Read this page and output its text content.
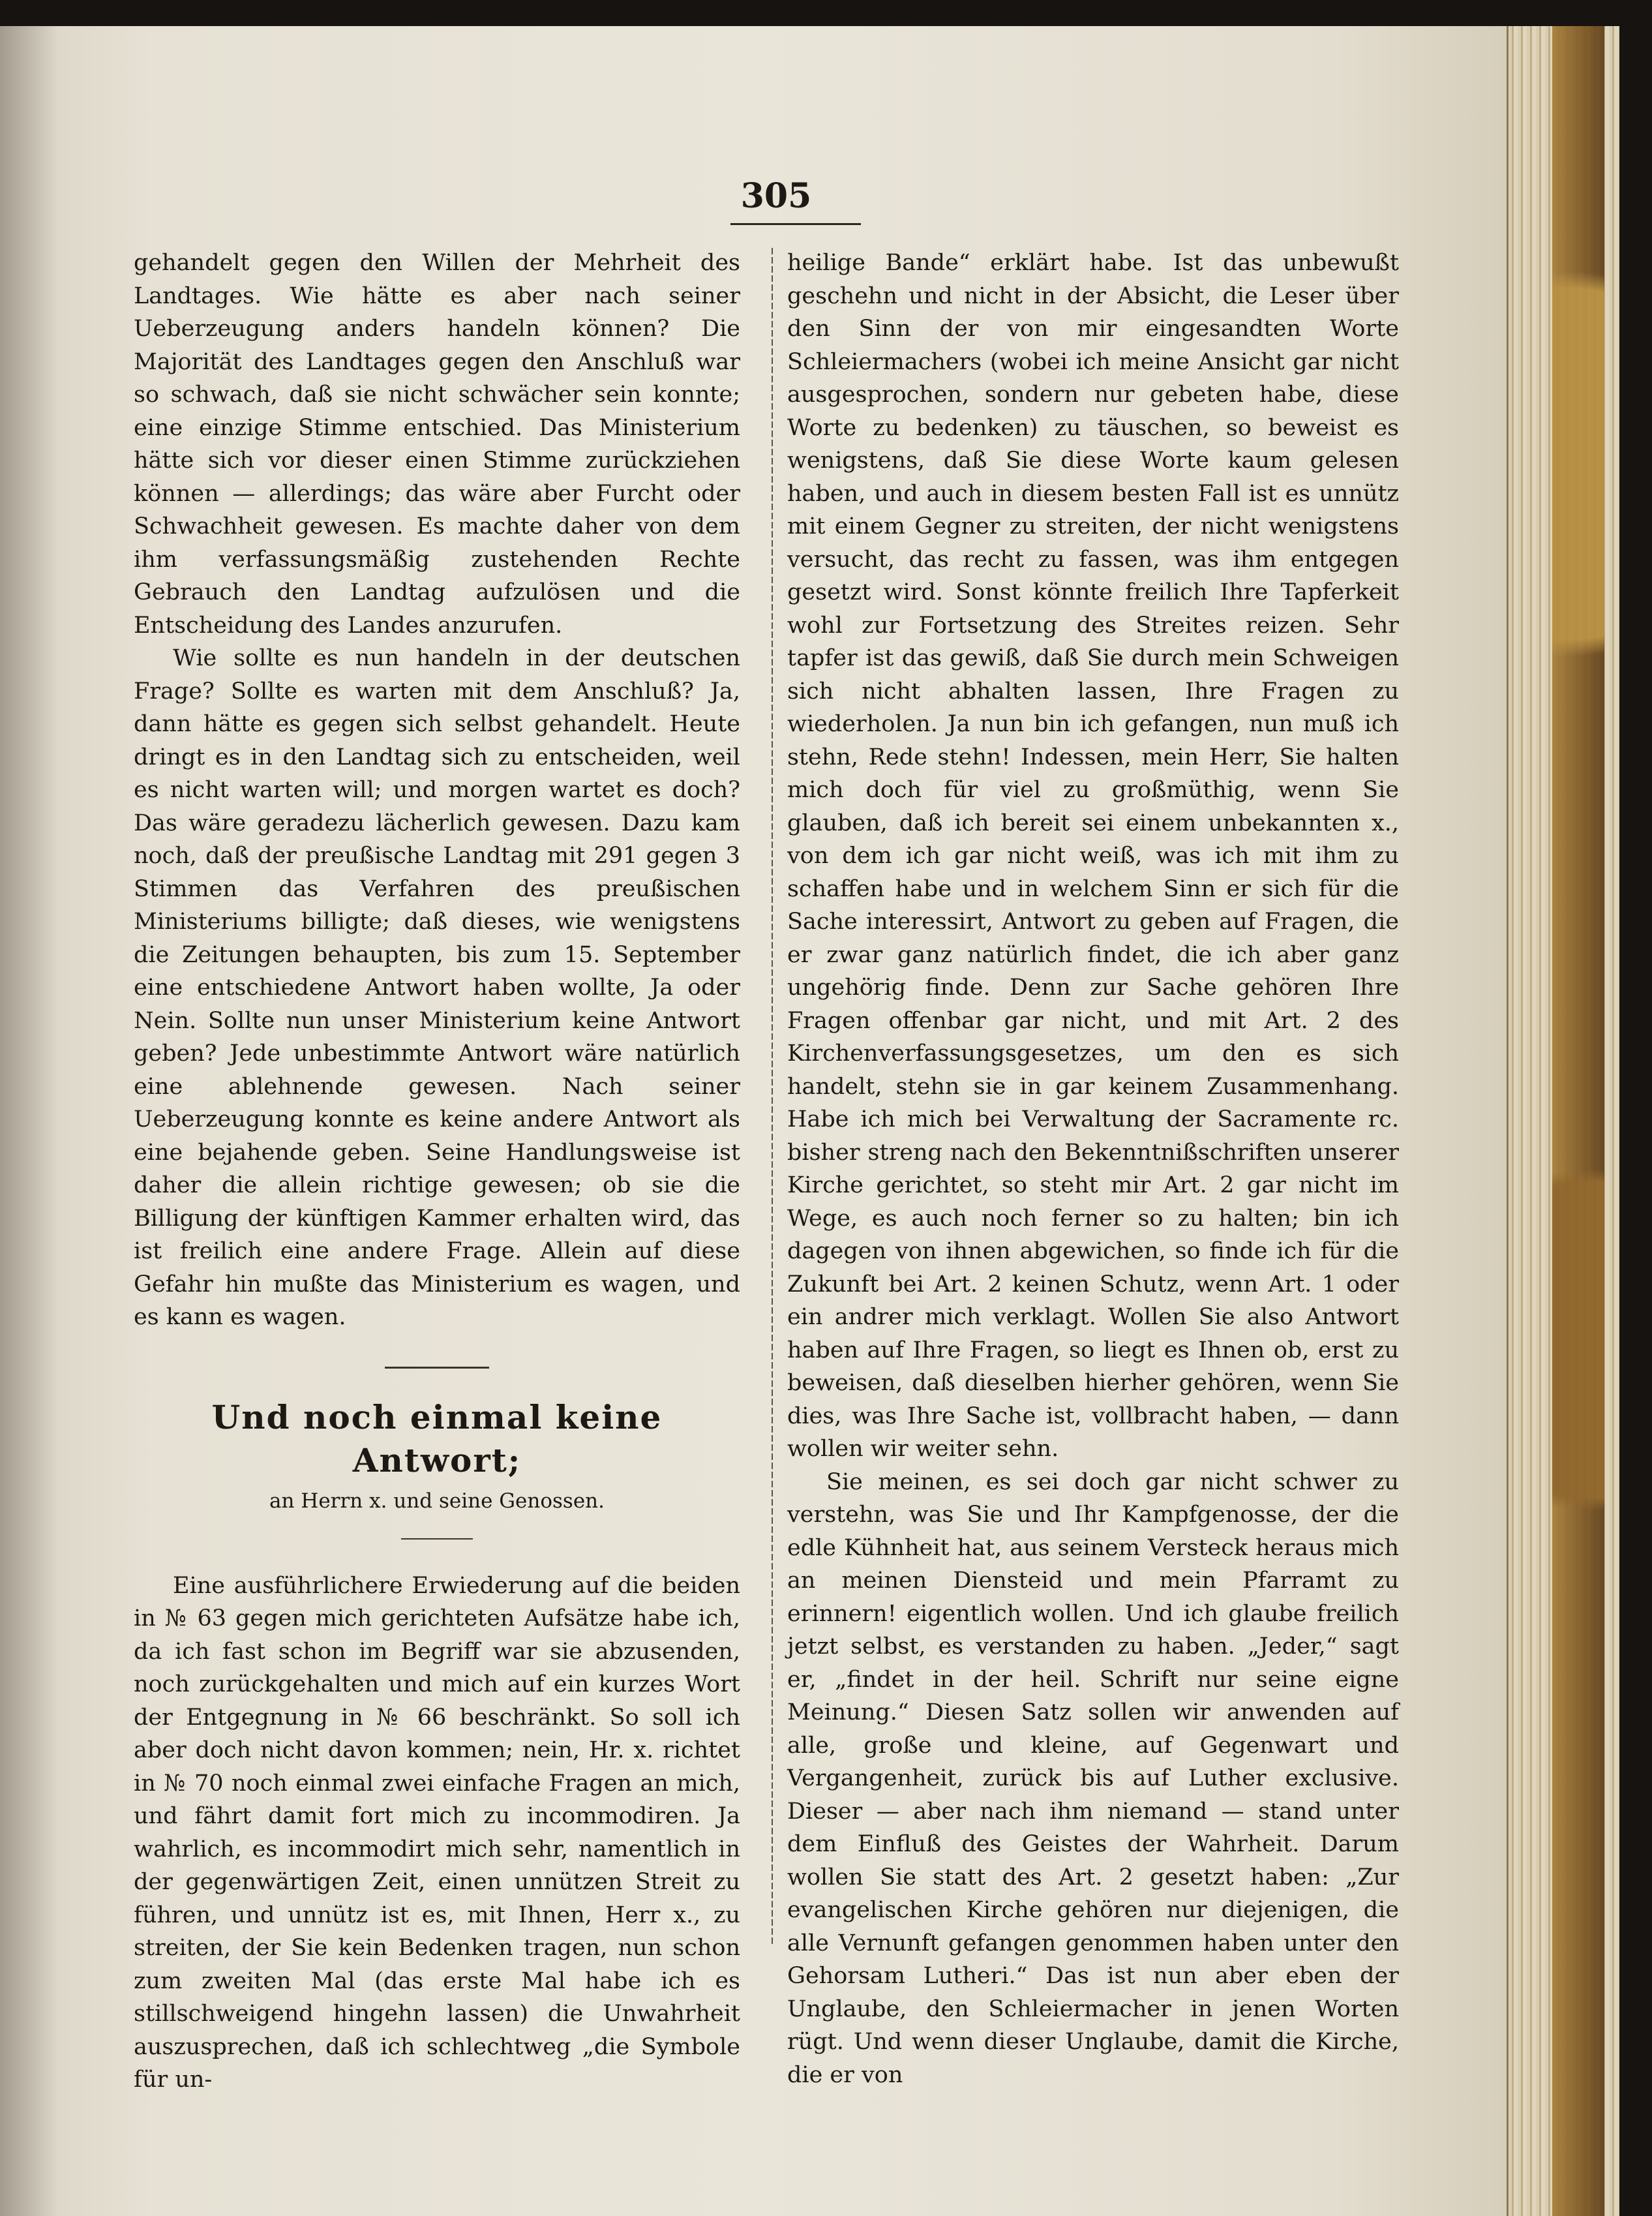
305

gehandelt gegen den Willen der Mehrheit des Landtages. Wie hätte es aber nach seiner Ueberzeugung anders handeln können? Die Majorität des Landtages gegen den Anschluß war so schwach, daß sie nicht schwächer sein konnte; eine einzige Stimme entschied. Das Ministerium hätte sich vor dieser einen Stimme zurückziehen können — allerdings; das wäre aber Furcht oder Schwachheit gewesen. Es machte daher von dem ihm verfassungsmäßig zustehenden Rechte Gebrauch den Landtag aufzulösen und die Entscheidung des Landes anzurufen.

Wie sollte es nun handeln in der deutschen Frage? Sollte es warten mit dem Anschluß? Ja, dann hätte es gegen sich selbst gehandelt. Heute dringt es in den Landtag sich zu entscheiden, weil es nicht warten will; und morgen wartet es doch? Das wäre geradezu lächerlich gewesen. Dazu kam noch, daß der preußische Landtag mit 291 gegen 3 Stimmen das Verfahren des preußischen Ministeriums billigte; daß dieses, wie wenigstens die Zeitungen behaupten, bis zum 15. September eine entschiedene Antwort haben wollte, Ja oder Nein. Sollte nun unser Ministerium keine Antwort geben? Jede unbestimmte Antwort wäre natürlich eine ablehnende gewesen. Nach seiner Ueberzeugung konnte es keine andere Antwort als eine bejahende geben. Seine Handlungsweise ist daher die allein richtige gewesen; ob sie die Billigung der künftigen Kammer erhalten wird, das ist freilich eine andere Frage. Allein auf diese Gefahr hin mußte das Ministerium es wagen, und es kann es wagen.

Und noch einmal keine Antwort;

an Herrn x. und seine Genossen.

Eine ausführlichere Erwiederung auf die beiden in № 63 gegen mich gerichteten Aufsätze habe ich, da ich fast schon im Begriff war sie abzusenden, noch zurückgehalten und mich auf ein kurzes Wort der Entgegnung in № 66 beschränkt. So soll ich aber doch nicht davon kommen; nein, Hr. x. richtet in № 70 noch einmal zwei einfache Fragen an mich, und fährt damit fort mich zu incommodiren. Ja wahrlich, es incommodirt mich sehr, namentlich in der gegenwärtigen Zeit, einen unnützen Streit zu führen, und unnütz ist es, mit Ihnen, Herr x., zu streiten, der Sie kein Bedenken tragen, nun schon zum zweiten Mal (das erste Mal habe ich es stillschweigend hingehn lassen) die Unwahrheit auszusprechen, daß ich schlechtweg „die Symbole für un-

heilige Bande“ erklärt habe. Ist das unbewußt geschehn und nicht in der Absicht, die Leser über den Sinn der von mir eingesandten Worte Schleiermachers (wobei ich meine Ansicht gar nicht ausgesprochen, sondern nur gebeten habe, diese Worte zu bedenken) zu täuschen, so beweist es wenigstens, daß Sie diese Worte kaum gelesen haben, und auch in diesem besten Fall ist es unnütz mit einem Gegner zu streiten, der nicht wenigstens versucht, das recht zu fassen, was ihm entgegen gesetzt wird. Sonst könnte freilich Ihre Tapferkeit wohl zur Fortsetzung des Streites reizen. Sehr tapfer ist das gewiß, daß Sie durch mein Schweigen sich nicht abhalten lassen, Ihre Fragen zu wiederholen. Ja nun bin ich gefangen, nun muß ich stehn, Rede stehn! Indessen, mein Herr, Sie halten mich doch für viel zu großmüthig, wenn Sie glauben, daß ich bereit sei einem unbekannten x., von dem ich gar nicht weiß, was ich mit ihm zu schaffen habe und in welchem Sinn er sich für die Sache interessirt, Antwort zu geben auf Fragen, die er zwar ganz natürlich findet, die ich aber ganz ungehörig finde. Denn zur Sache gehören Ihre Fragen offenbar gar nicht, und mit Art. 2 des Kirchenverfassungsgesetzes, um den es sich handelt, stehn sie in gar keinem Zusammenhang. Habe ich mich bei Verwaltung der Sacramente rc. bisher streng nach den Bekenntnißschriften unserer Kirche gerichtet, so steht mir Art. 2 gar nicht im Wege, es auch noch ferner so zu halten; bin ich dagegen von ihnen abgewichen, so finde ich für die Zukunft bei Art. 2 keinen Schutz, wenn Art. 1 oder ein andrer mich verklagt. Wollen Sie also Antwort haben auf Ihre Fragen, so liegt es Ihnen ob, erst zu beweisen, daß dieselben hierher gehören, wenn Sie dies, was Ihre Sache ist, vollbracht haben, — dann wollen wir weiter sehn.

Sie meinen, es sei doch gar nicht schwer zu verstehn, was Sie und Ihr Kampfgenosse, der die edle Kühnheit hat, aus seinem Versteck heraus mich an meinen Diensteid und mein Pfarramt zu erinnern! eigentlich wollen. Und ich glaube freilich jetzt selbst, es verstanden zu haben. „Jeder,“ sagt er, „findet in der heil. Schrift nur seine eigne Meinung.“ Diesen Satz sollen wir anwenden auf alle, große und kleine, auf Gegenwart und Vergangenheit, zurück bis auf Luther exclusive. Dieser — aber nach ihm niemand — stand unter dem Einfluß des Geistes der Wahrheit. Darum wollen Sie statt des Art. 2 gesetzt haben: „Zur evangelischen Kirche gehören nur diejenigen, die alle Vernunft gefangen genommen haben unter den Gehorsam Lutheri.“ Das ist nun aber eben der Unglaube, den Schleiermacher in jenen Worten rügt. Und wenn dieser Unglaube, damit die Kirche, die er von
